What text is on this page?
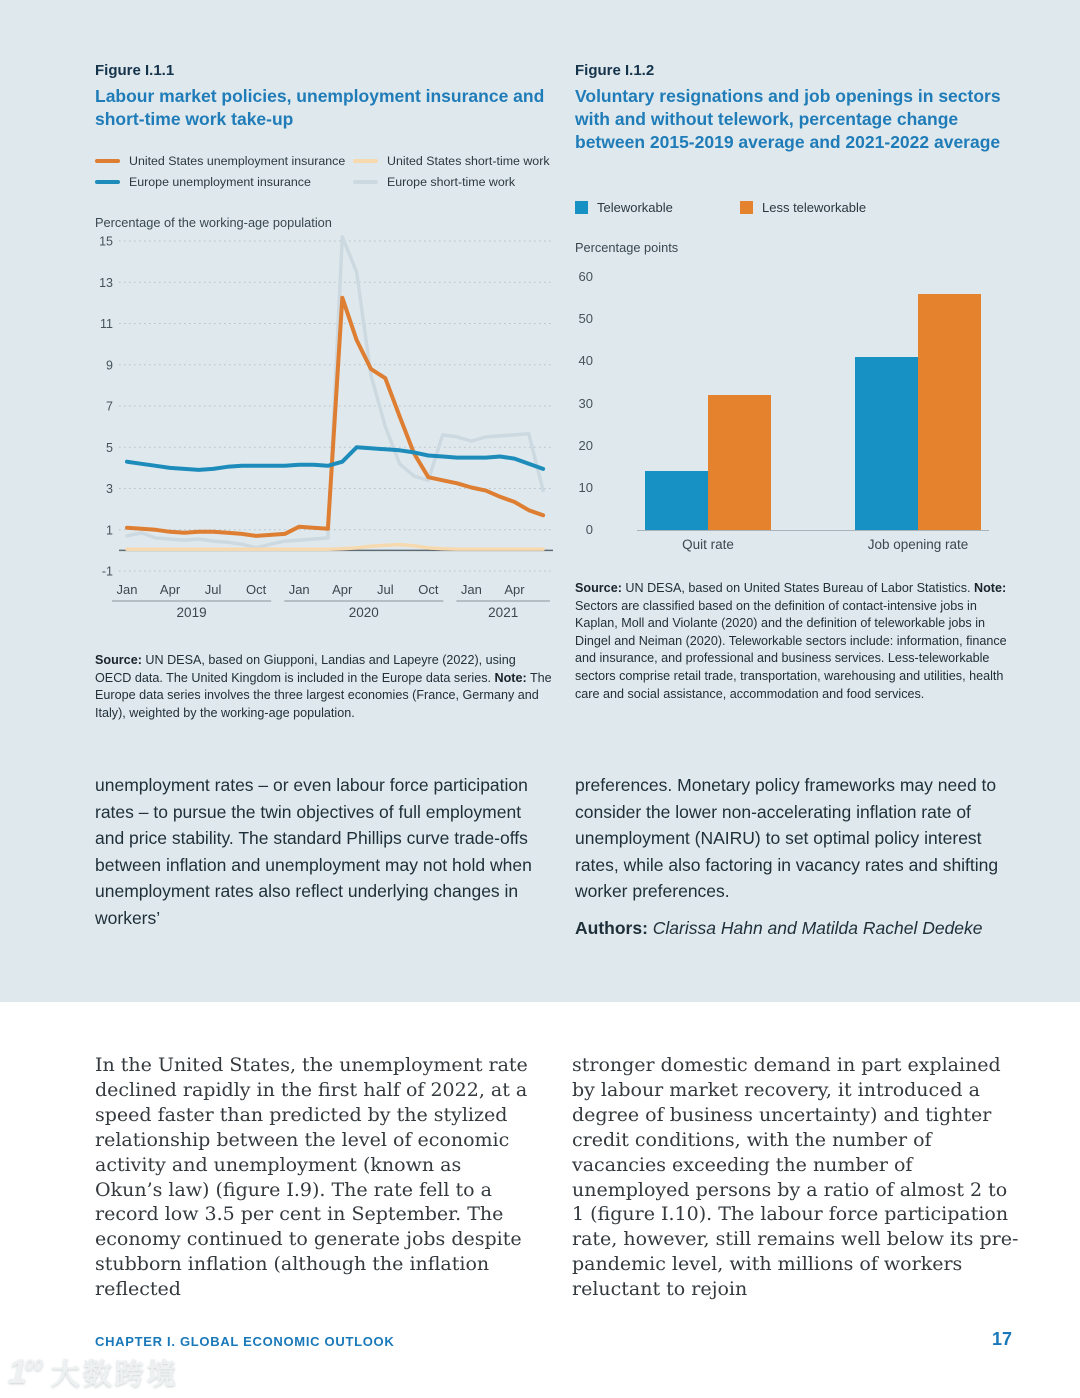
Figure I.1.1
Labour market policies, unemployment insurance and short-time work take-up
United States unemployment insurance	United States short-time work
Europe unemployment insurance	Europe short-time work
Percentage of the working-age population
15
13
11
9
7
5
3
1
-1
Jan Apr Jul Oct Jan Apr Jul Oct Jan Apr
2019	2020	2021

Source: UN DESA, based on Giupponi, Landias and Lapeyre (2022), using OECD data. The United Kingdom is included in the Europe data series. Note: The Europe data series involves the three largest economies (France, Germany and Italy), weighted by the working-age population.

Figure I.1.2
Voluntary resignations and job openings in sectors with and without telework, percentage change between 2015-2019 average and 2021-2022 average
Teleworkable	Less teleworkable
Percentage points
60
50
40
30
20
10
0
Quit rate	Job opening rate

Source: UN DESA, based on United States Bureau of Labor Statistics. Note: Sectors are classified based on the definition of contact-intensive jobs in Kaplan, Moll and Violante (2020) and the definition of teleworkable jobs in Dingel and Neiman (2020). Teleworkable sectors include: information, finance and insurance, and professional and business services. Less-teleworkable sectors comprise retail trade, transportation, warehousing and utilities, health care and social assistance, accommodation and food services.

unemployment rates – or even labour force participation rates – to pursue the twin objectives of full employment and price stability. The standard Phillips curve trade-offs between inflation and unemployment may not hold when unemployment rates also reflect underlying changes in workers’

preferences. Monetary policy frameworks may need to consider the lower non-accelerating inflation rate of unemployment (NAIRU) to set optimal policy interest rates, while also factoring in vacancy rates and shifting worker preferences.

Authors: Clarissa Hahn and Matilda Rachel Dedeke

In the United States, the unemployment rate declined rapidly in the first half of 2022, at a speed faster than predicted by the stylized relationship between the level of economic activity and unemployment (known as Okun’s law) (figure I.9). The rate fell to a record low 3.5 per cent in September. The economy continued to generate jobs despite stubborn inflation (although the inflation reflected

stronger domestic demand in part explained by labour market recovery, it introduced a degree of business uncertainty) and tighter credit conditions, with the number of vacancies exceeding the number of unemployed persons by a ratio of almost 2 to 1 (figure I.10). The labour force participation rate, however, still remains well below its pre-pandemic level, with millions of workers reluctant to rejoin

CHAPTER I. GLOBAL ECONOMIC OUTLOOK	17
$1^{00}$ 大数跨境
